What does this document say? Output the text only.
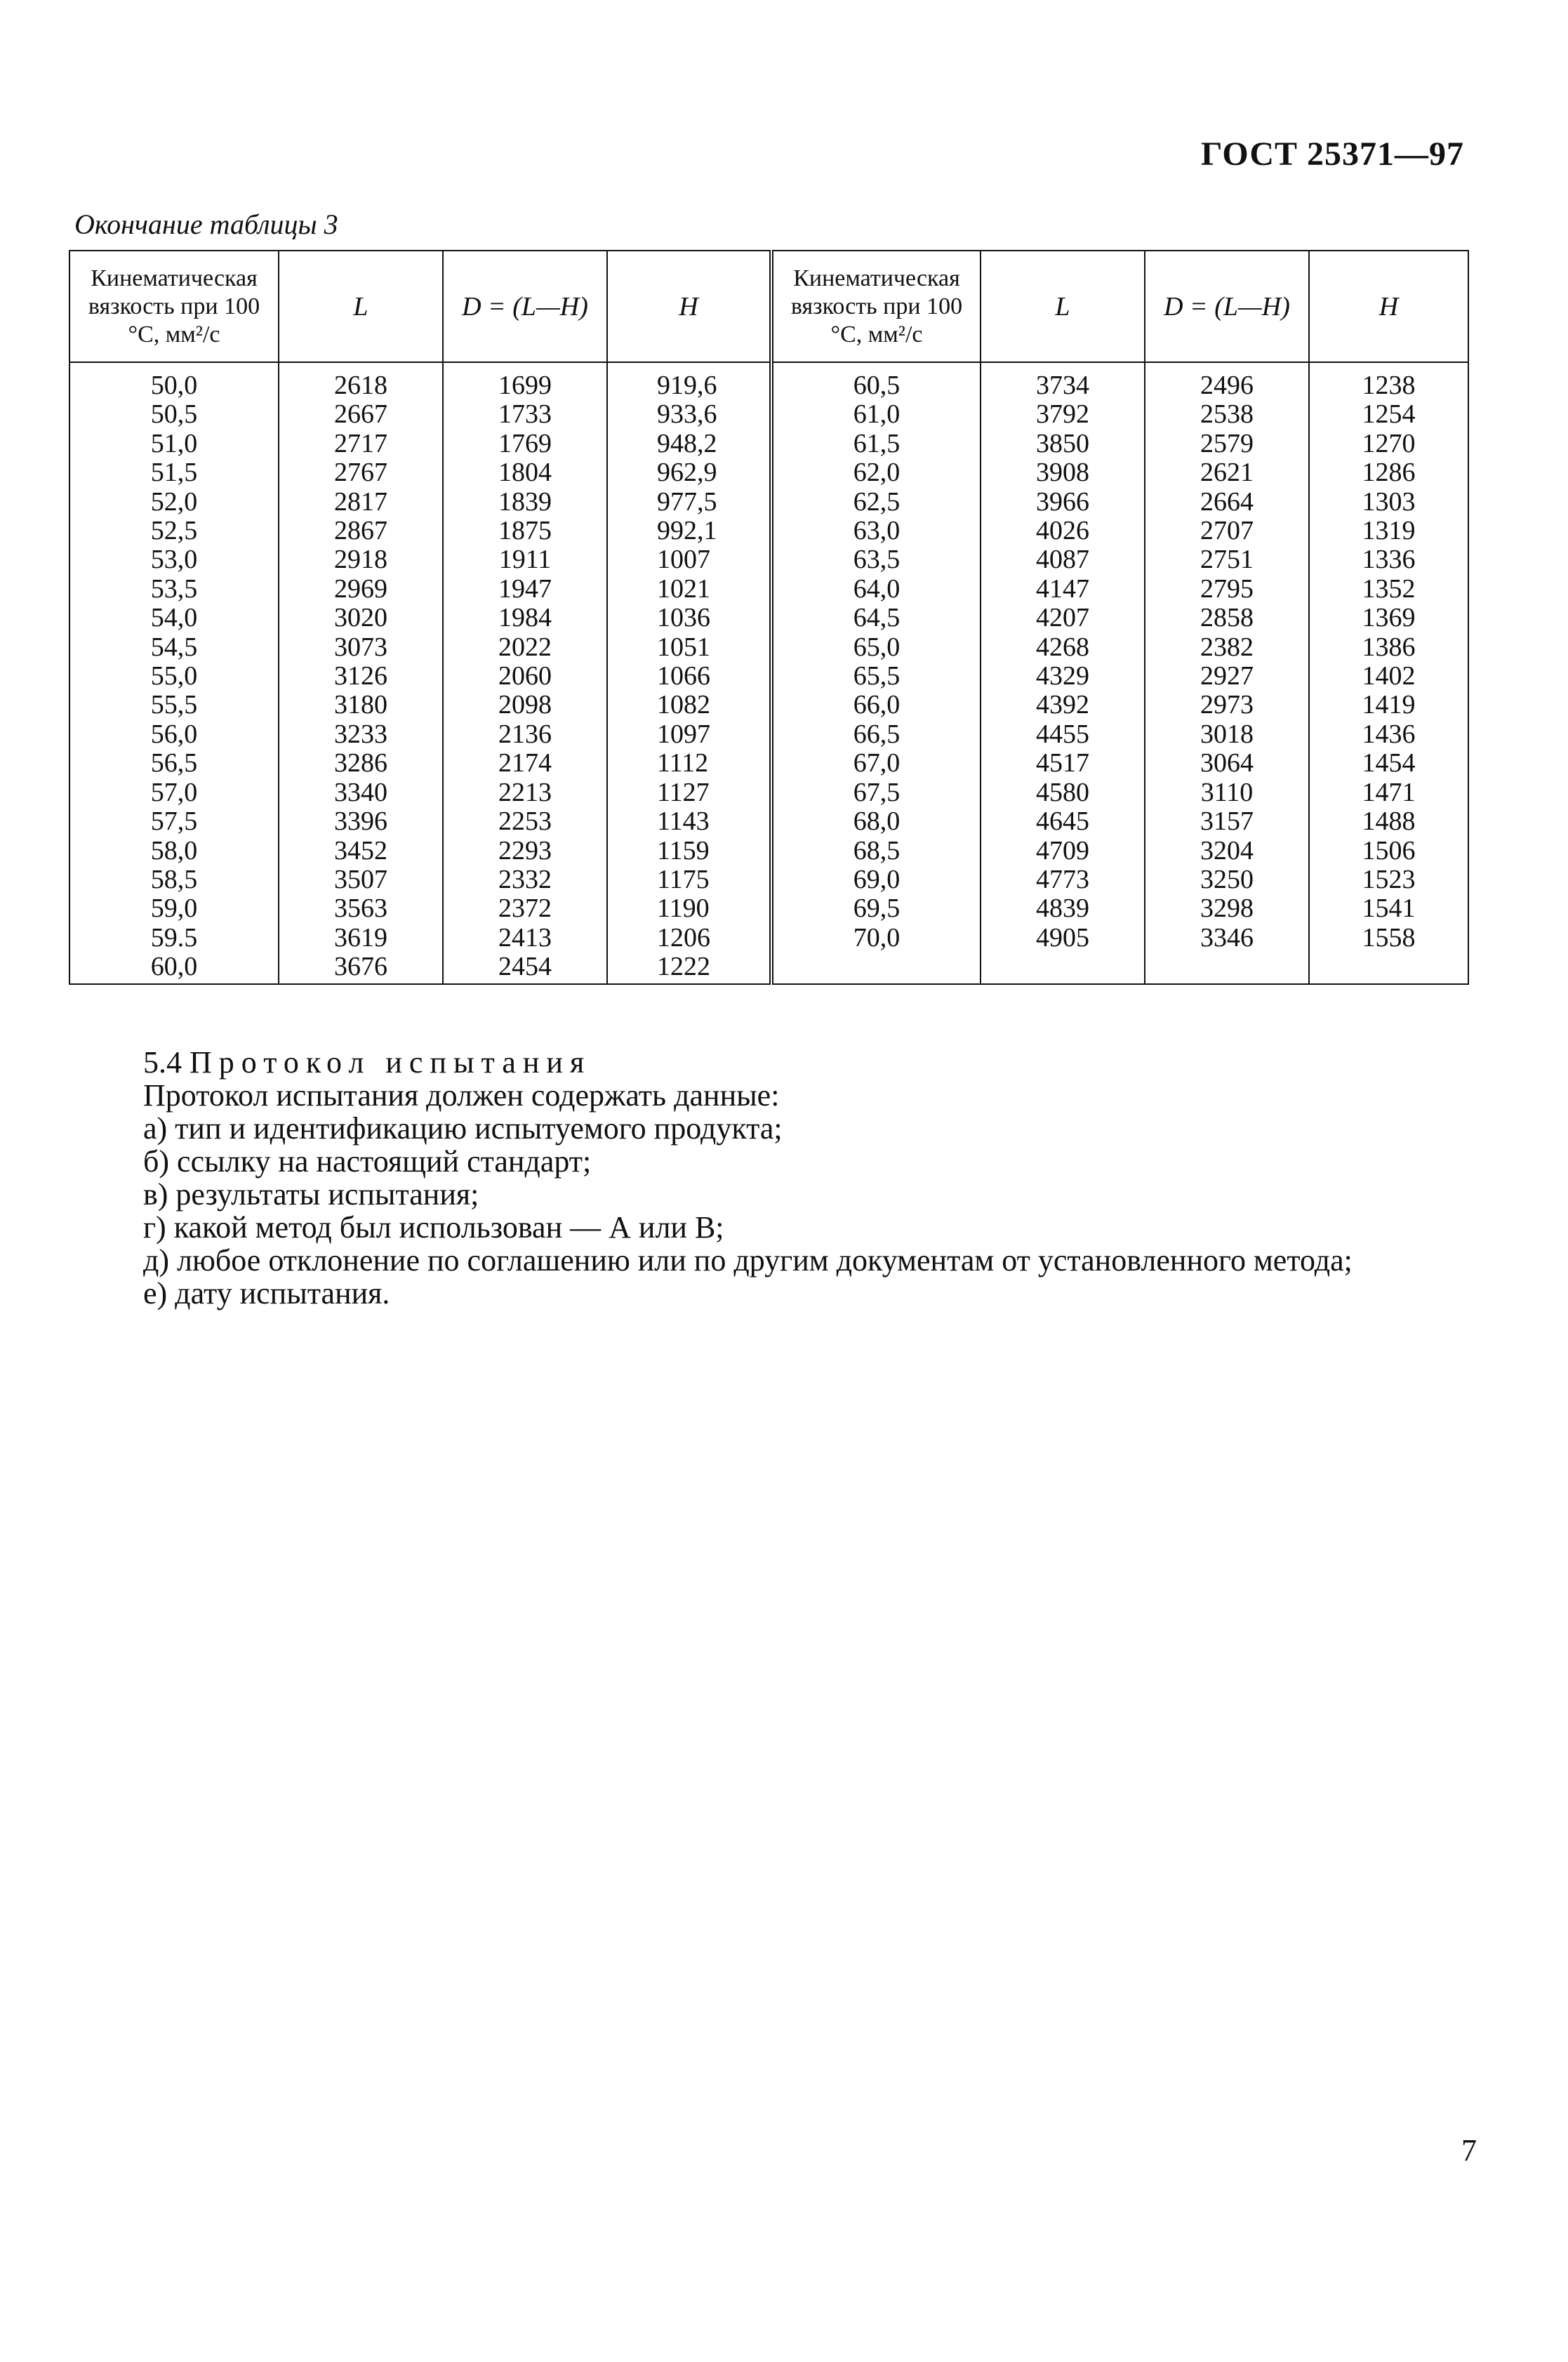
ГОСТ 25371—97
Окончание таблицы 3
Кинематическая вязкость при 100 °С, мм²/с	L	D = (L—H)	H	Кинематическая вязкость при 100 °С, мм²/с	L	D = (L—H)	H
50,0	2618	1699	919,6	60,5	3734	2496	1238
50,5	2667	1733	933,6	61,0	3792	2538	1254
51,0	2717	1769	948,2	61,5	3850	2579	1270
51,5	2767	1804	962,9	62,0	3908	2621	1286
52,0	2817	1839	977,5	62,5	3966	2664	1303
52,5	2867	1875	992,1	63,0	4026	2707	1319
53,0	2918	1911	1007	63,5	4087	2751	1336
53,5	2969	1947	1021	64,0	4147	2795	1352
54,0	3020	1984	1036	64,5	4207	2858	1369
54,5	3073	2022	1051	65,0	4268	2382	1386
55,0	3126	2060	1066	65,5	4329	2927	1402
55,5	3180	2098	1082	66,0	4392	2973	1419
56,0	3233	2136	1097	66,5	4455	3018	1436
56,5	3286	2174	1112	67,0	4517	3064	1454
57,0	3340	2213	1127	67,5	4580	3110	1471
57,5	3396	2253	1143	68,0	4645	3157	1488
58,0	3452	2293	1159	68,5	4709	3204	1506
58,5	3507	2332	1175	69,0	4773	3250	1523
59,0	3563	2372	1190	69,5	4839	3298	1541
59.5	3619	2413	1206	70,0	4905	3346	1558
60,0	3676	2454	1222				
5.4 Протокол испытания

Протокол испытания должен содержать данные:

а) тип и идентификацию испытуемого продукта;

б) ссылку на настоящий стандарт;

в) результаты испытания;

г) какой метод был использован — А или В;

д) любое отклонение по соглашению или по другим документам от установленного метода;

е) дату испытания.

7
